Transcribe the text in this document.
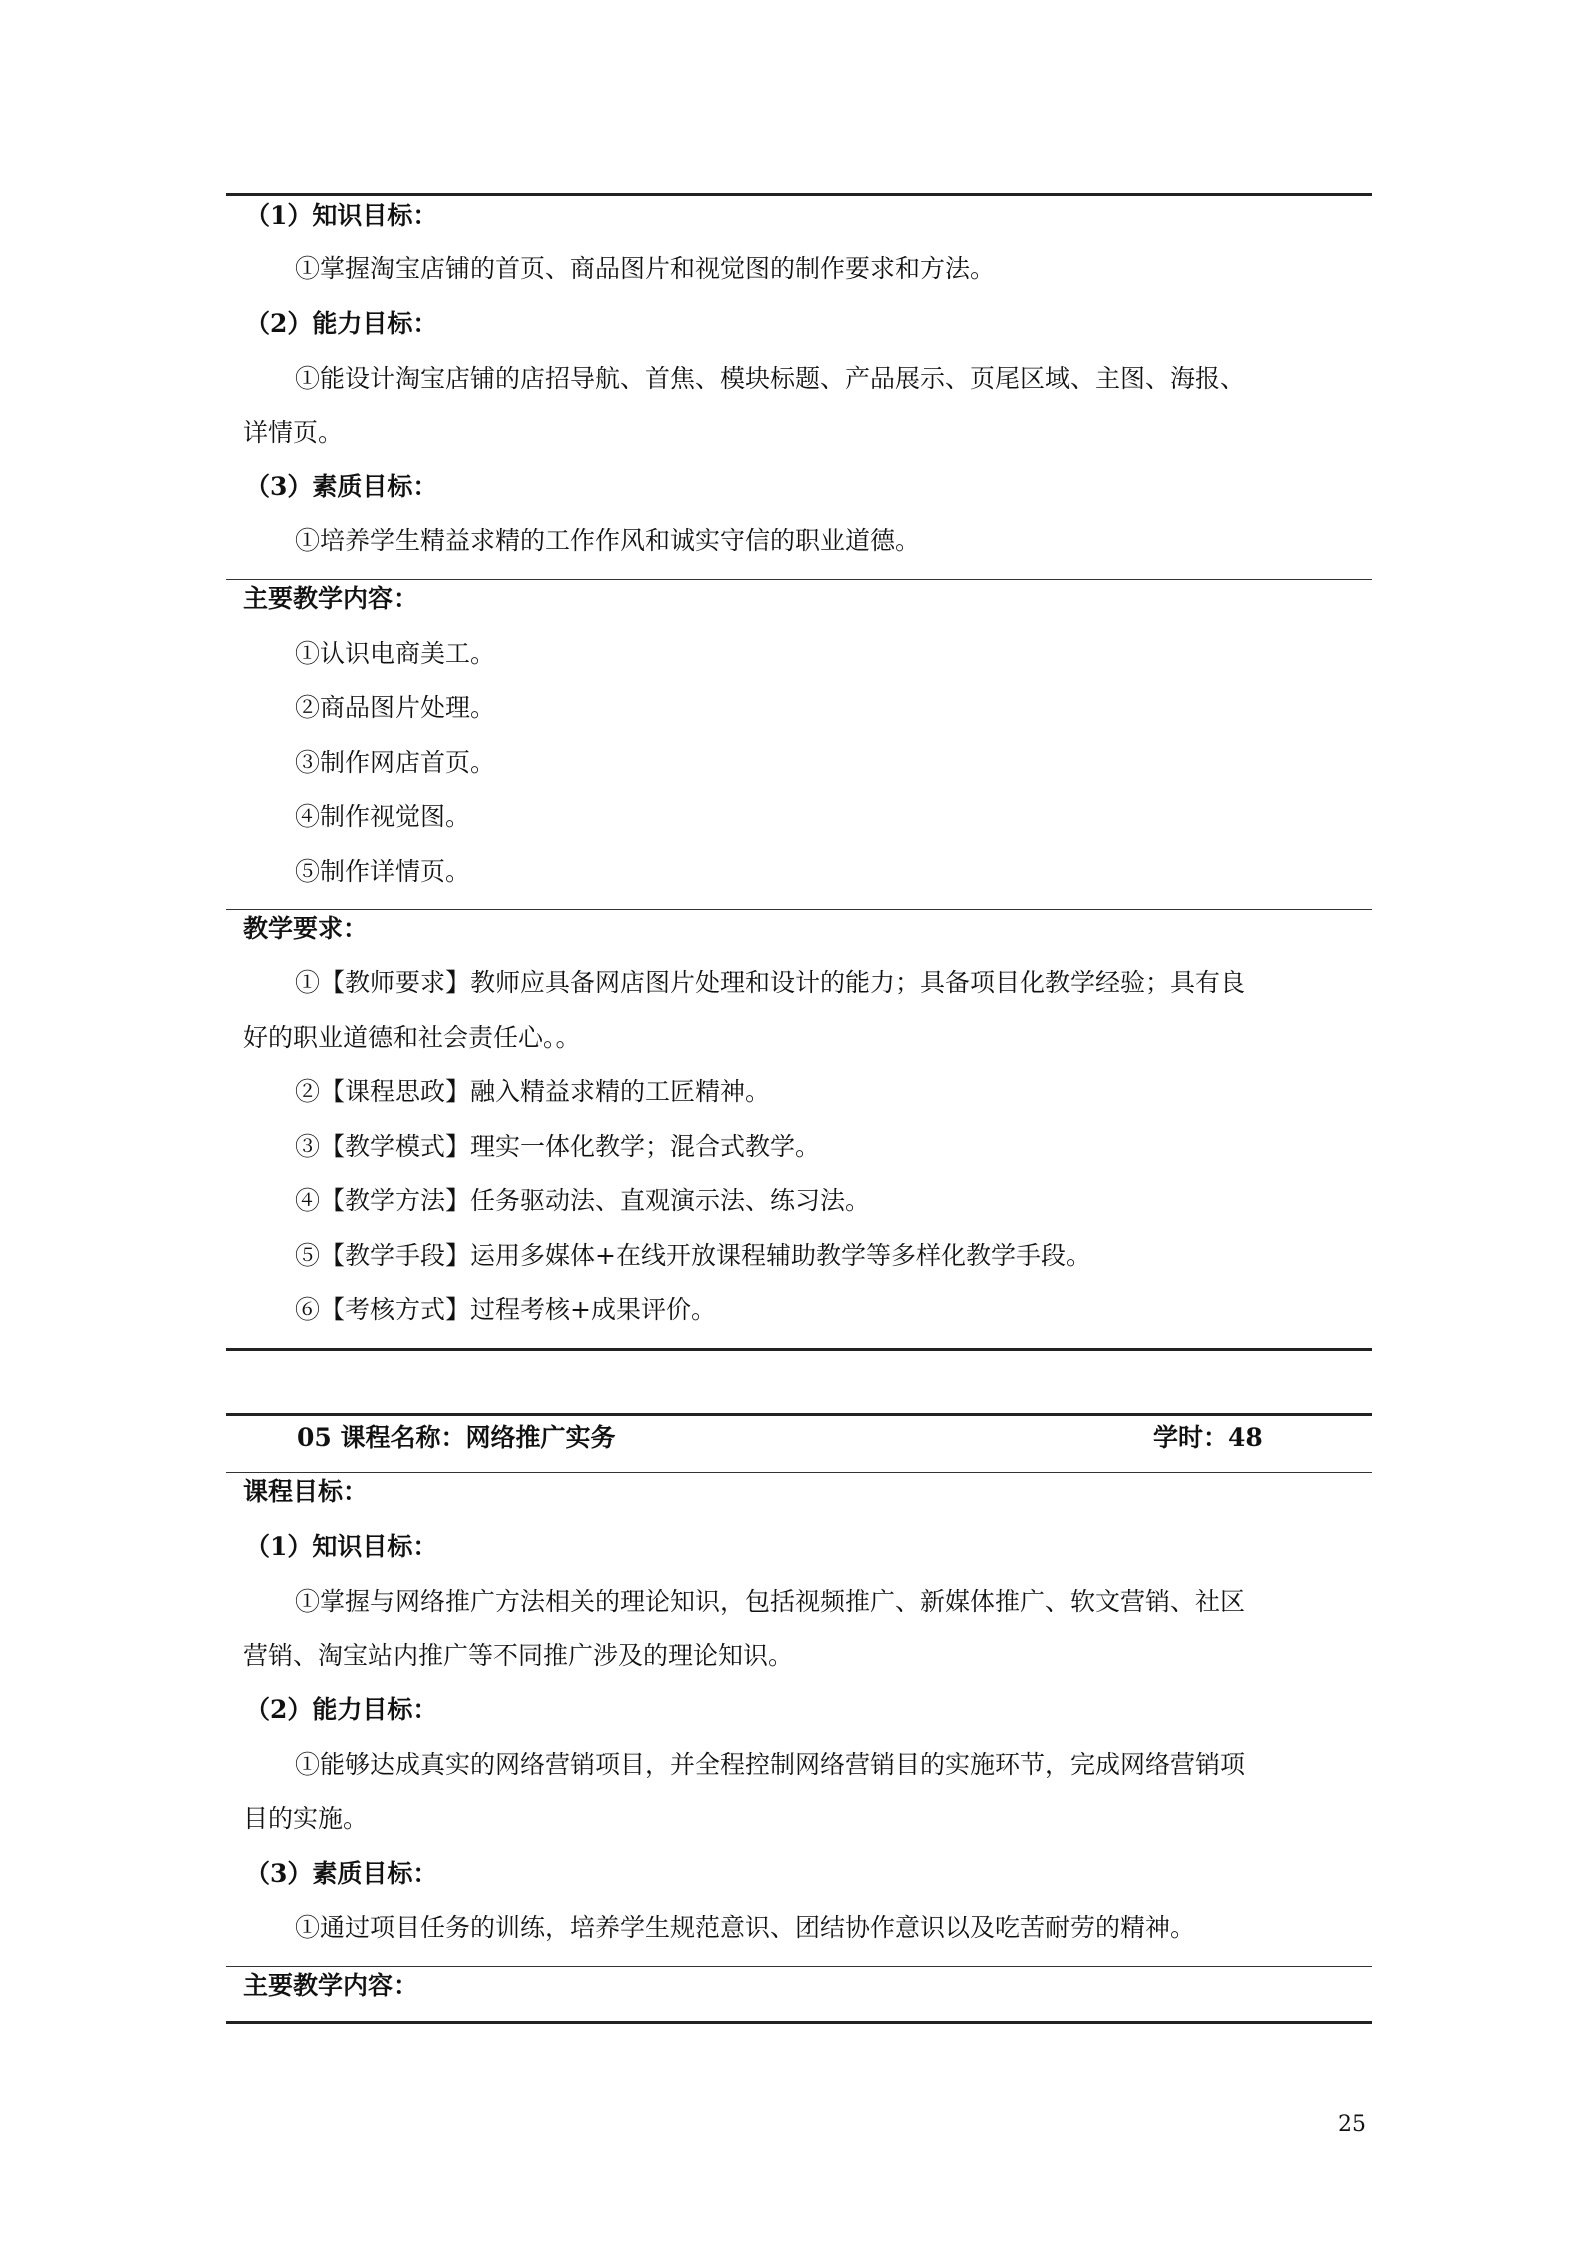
（1）知识目标：
①掌握淘宝店铺的首页、商品图片和视觉图的制作要求和方法。
（2）能力目标：
①能设计淘宝店铺的店招导航、首焦、模块标题、产品展示、页尾区域、主图、海报、
详情页。
（3）素质目标：
①培养学生精益求精的工作作风和诚实守信的职业道德。
主要教学内容：
①认识电商美工。
②商品图片处理。
③制作网店首页。
④制作视觉图。
⑤制作详情页。
教学要求：
①【教师要求】教师应具备网店图片处理和设计的能力；具备项目化教学经验；具有良
好的职业道德和社会责任心。。
②【课程思政】融入精益求精的工匠精神。
③【教学模式】理实一体化教学；混合式教学。
④【教学方法】任务驱动法、直观演示法、练习法。
⑤【教学手段】运用多媒体+在线开放课程辅助教学等多样化教学手段。
⑥【考核方式】过程考核+成果评价。
05 课程名称：网络推广实务	学时：48
课程目标：
（1）知识目标：
①掌握与网络推广方法相关的理论知识，包括视频推广、新媒体推广、软文营销、社区
营销、淘宝站内推广等不同推广涉及的理论知识。
（2）能力目标：
①能够达成真实的网络营销项目，并全程控制网络营销目的实施环节，完成网络营销项
目的实施。
（3）素质目标：
①通过项目任务的训练，培养学生规范意识、团结协作意识以及吃苦耐劳的精神。
主要教学内容：
25
